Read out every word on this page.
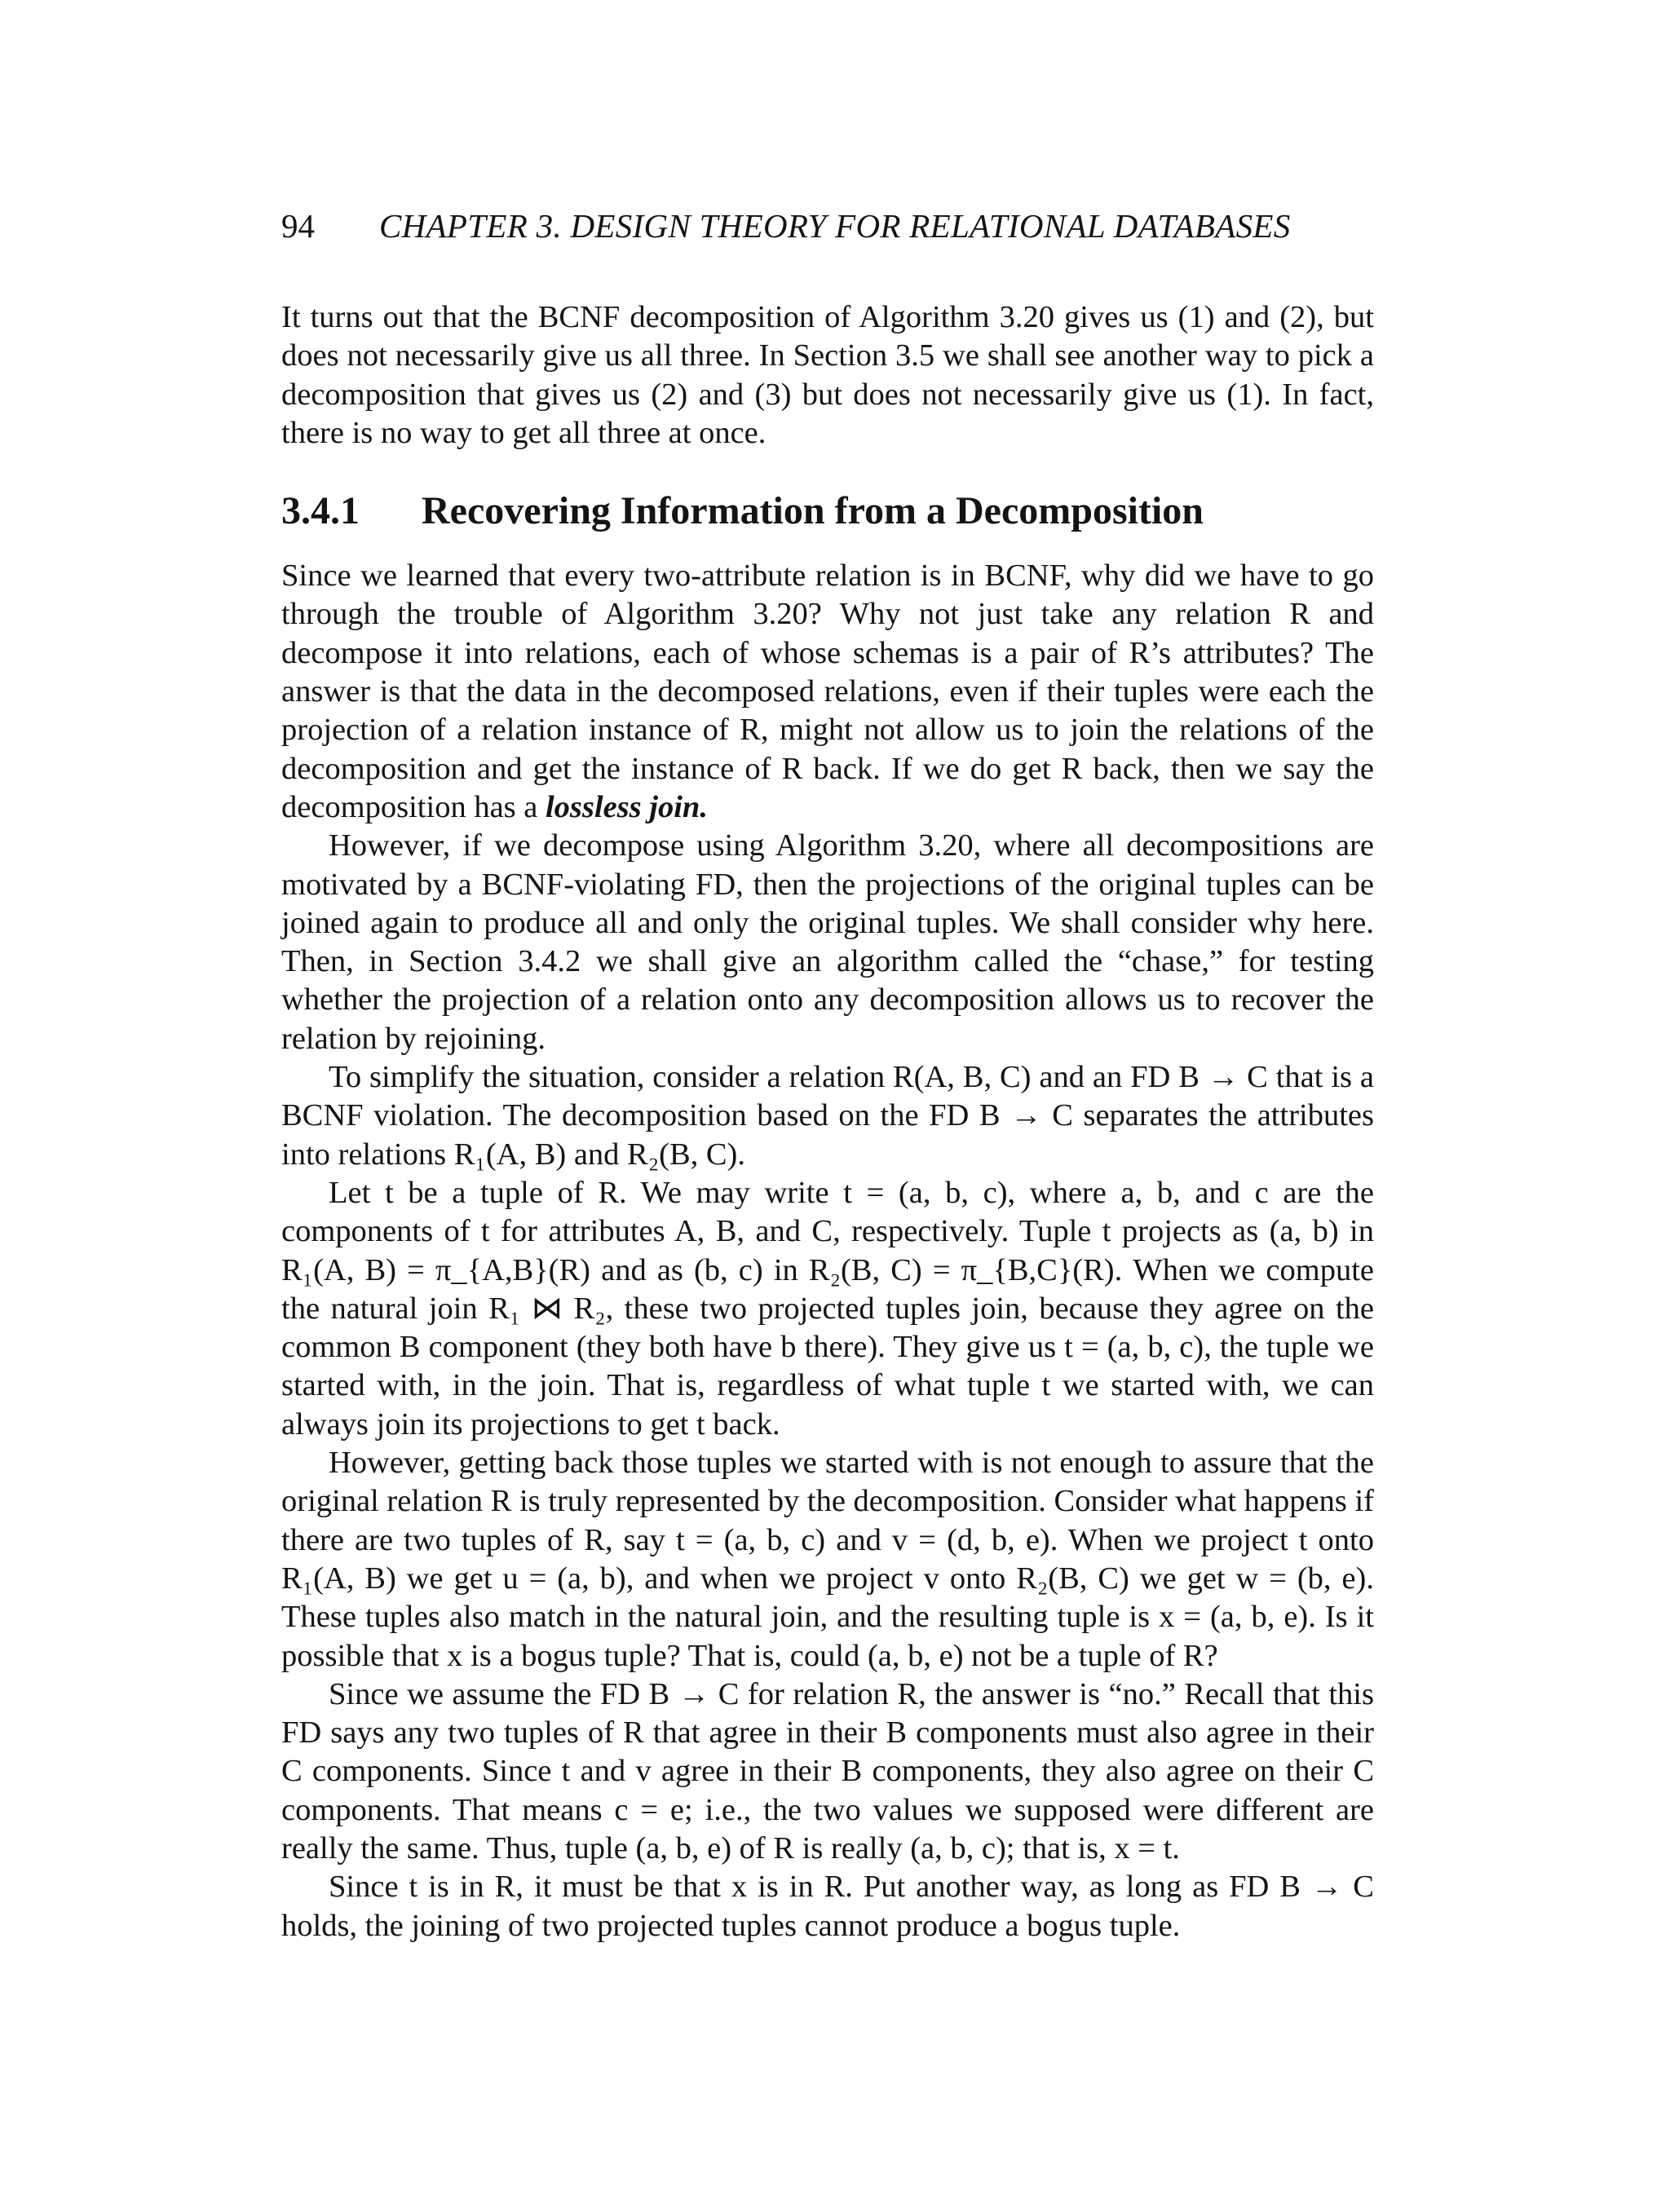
94 CHAPTER 3. DESIGN THEORY FOR RELATIONAL DATABASES

It turns out that the BCNF decomposition of Algorithm 3.20 gives us (1) and (2), but does not necessarily give us all three. In Section 3.5 we shall see another way to pick a decomposition that gives us (2) and (3) but does not necessarily give us (1). In fact, there is no way to get all three at once.

3.4.1 Recovering Information from a Decomposition

Since we learned that every two-attribute relation is in BCNF, why did we have to go through the trouble of Algorithm 3.20? Why not just take any relation R and decompose it into relations, each of whose schemas is a pair of R’s attributes? The answer is that the data in the decomposed relations, even if their tuples were each the projection of a relation instance of R, might not allow us to join the relations of the decomposition and get the instance of R back. If we do get R back, then we say the decomposition has a lossless join.

However, if we decompose using Algorithm 3.20, where all decompositions are motivated by a BCNF-violating FD, then the projections of the original tuples can be joined again to produce all and only the original tuples. We shall consider why here. Then, in Section 3.4.2 we shall give an algorithm called the “chase,” for testing whether the projection of a relation onto any decomposition allows us to recover the relation by rejoining.

To simplify the situation, consider a relation R(A, B, C) and an FD B → C that is a BCNF violation. The decomposition based on the FD B → C separates the attributes into relations R₁(A, B) and R₂(B, C).

Let t be a tuple of R. We may write t = (a, b, c), where a, b, and c are the components of t for attributes A, B, and C, respectively. Tuple t projects as (a, b) in R₁(A, B) = π_{A,B}(R) and as (b, c) in R₂(B, C) = π_{B,C}(R). When we compute the natural join R₁ ⋈ R₂, these two projected tuples join, because they agree on the common B component (they both have b there). They give us t = (a, b, c), the tuple we started with, in the join. That is, regardless of what tuple t we started with, we can always join its projections to get t back.

However, getting back those tuples we started with is not enough to assure that the original relation R is truly represented by the decomposition. Consider what happens if there are two tuples of R, say t = (a, b, c) and v = (d, b, e). When we project t onto R₁(A, B) we get u = (a, b), and when we project v onto R₂(B, C) we get w = (b, e). These tuples also match in the natural join, and the resulting tuple is x = (a, b, e). Is it possible that x is a bogus tuple? That is, could (a, b, e) not be a tuple of R?

Since we assume the FD B → C for relation R, the answer is “no.” Recall that this FD says any two tuples of R that agree in their B components must also agree in their C components. Since t and v agree in their B components, they also agree on their C components. That means c = e; i.e., the two values we supposed were different are really the same. Thus, tuple (a, b, e) of R is really (a, b, c); that is, x = t.

Since t is in R, it must be that x is in R. Put another way, as long as FD B → C holds, the joining of two projected tuples cannot produce a bogus tuple.
